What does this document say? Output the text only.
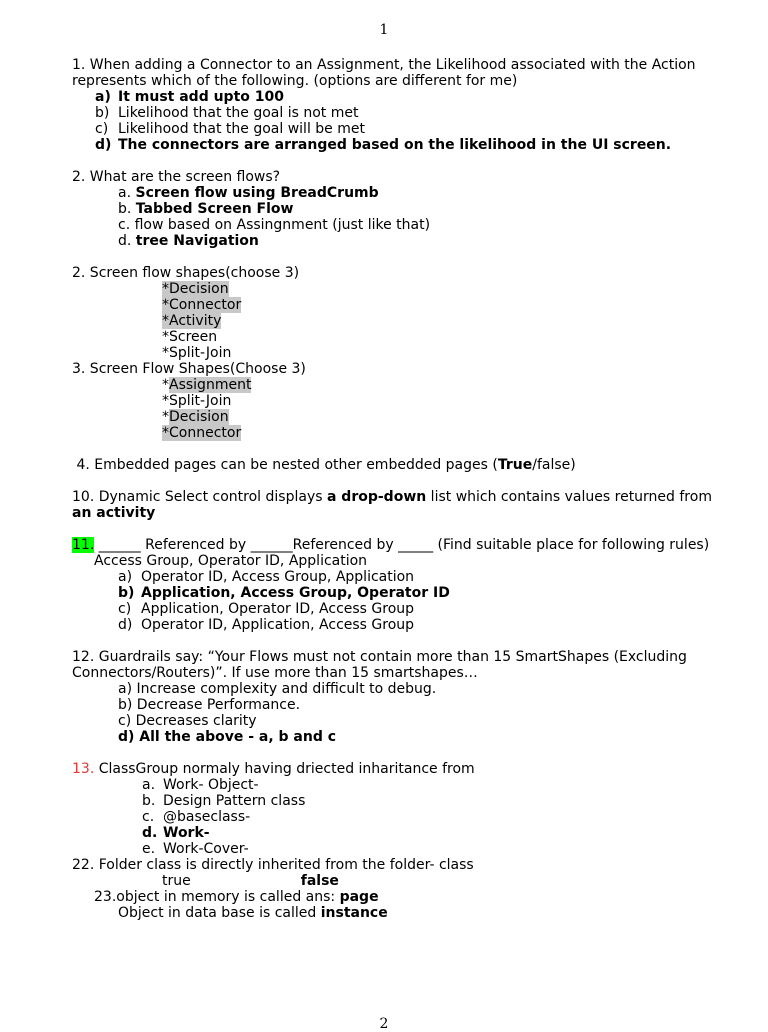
1
1. When adding a Connector to an Assignment, the Likelihood associated with the Action represents which of the following. (options are different for me)
a) It must add upto 100
b) Likelihood that the goal is not met
c) Likelihood that the goal will be met
d) The connectors are arranged based on the likelihood in the UI screen.
2. What are the screen flows?
a. Screen flow using BreadCrumb
b. Tabbed Screen Flow
c. flow based on Assingnment (just like that)
d. tree Navigation
2. Screen flow shapes(choose 3)
*Decision
*Connector
*Activity
*Screen
*Split-Join
3. Screen Flow Shapes(Choose 3)
*Assignment
*Split-Join
*Decision
*Connector
4. Embedded pages can be nested other embedded pages (True/false)
10. Dynamic Select control displays a drop-down list which contains values returned from
an activity
11. ______ Referenced by ______Referenced by _____ (Find suitable place for following rules)
Access Group, Operator ID, Application
a) Operator ID, Access Group, Application
b) Application, Access Group, Operator ID
c) Application, Operator ID, Access Group
d) Operator ID, Application, Access Group
12. Guardrails say: “Your Flows must not contain more than 15 SmartShapes (Excluding Connectors/Routers)”. If use more than 15 smartshapes…
a) Increase complexity and difficult to debug.
b) Decrease Performance.
c) Decreases clarity
d) All the above - a, b and c
13. ClassGroup normaly having driected inharitance from
a. Work- Object-
b. Design Pattern class
c. @baseclass-
d. Work-
e. Work-Cover-
22. Folder class is directly inherited from the folder- class
true	false
23.object in memory is called ans: page
Object in data base is called instance
2
